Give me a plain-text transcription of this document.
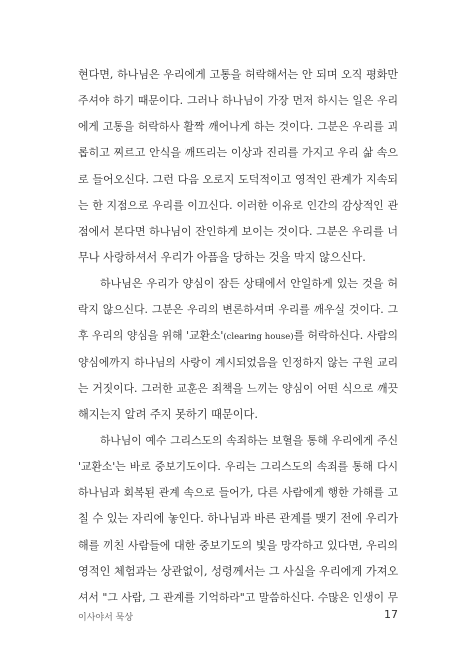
현다면, 하나님은 우리에게 고통을 허락해서는 안 되며 오직 평화만
주셔야 하기 때문이다. 그러나 하나님이 가장 먼저 하시는 일은 우리
에게 고통을 허락하사 활짝 깨어나게 하는 것이다. 그분은 우리를 괴
롭히고 찌르고 안식을 깨뜨리는 이상과 진리를 가지고 우리 삶 속으
로 들어오신다. 그런 다음 오로지 도덕적이고 영적인 관계가 지속되
는 한 지점으로 우리를 이끄신다. 이러한 이유로 인간의 감상적인 관
점에서 본다면 하나님이 잔인하게 보이는 것이다. 그분은 우리를 너
무나 사랑하셔서 우리가 아픔을 당하는 것을 막지 않으신다.
하나님은 우리가 양심이 잠든 상태에서 안일하게 있는 것을 허
락지 않으신다. 그분은 우리의 변론하셔며 우리를 깨우실 것이다. 그
후 우리의 양심을 위해 '교환소'(clearing house)를 허락하신다. 사람의
양심에까지 하나님의 사랑이 계시되었음을 인정하지 않는 구원 교리
는 거짓이다. 그러한 교훈은 죄책을 느끼는 양심이 어떤 식으로 깨끗
해지는지 알려 주지 못하기 때문이다.
하나님이 예수 그리스도의 속죄하는 보혈을 통해 우리에게 주신
'교환소'는 바로 중보기도이다. 우리는 그리스도의 속죄를 통해 다시
하나님과 회복된 관계 속으로 들어가, 다른 사람에게 행한 가해를 고
칠 수 있는 자리에 놓인다. 하나님과 바른 관계를 맺기 전에 우리가
해를 끼친 사람들에 대한 중보기도의 빛을 망각하고 있다면, 우리의
영적인 체험과는 상관없이, 성령께서는 그 사실을 우리에게 가져오
셔서 "그 사람, 그 관계를 기억하라"고 말씀하신다. 수많은 인생이 무
이사야서 묵상	17
